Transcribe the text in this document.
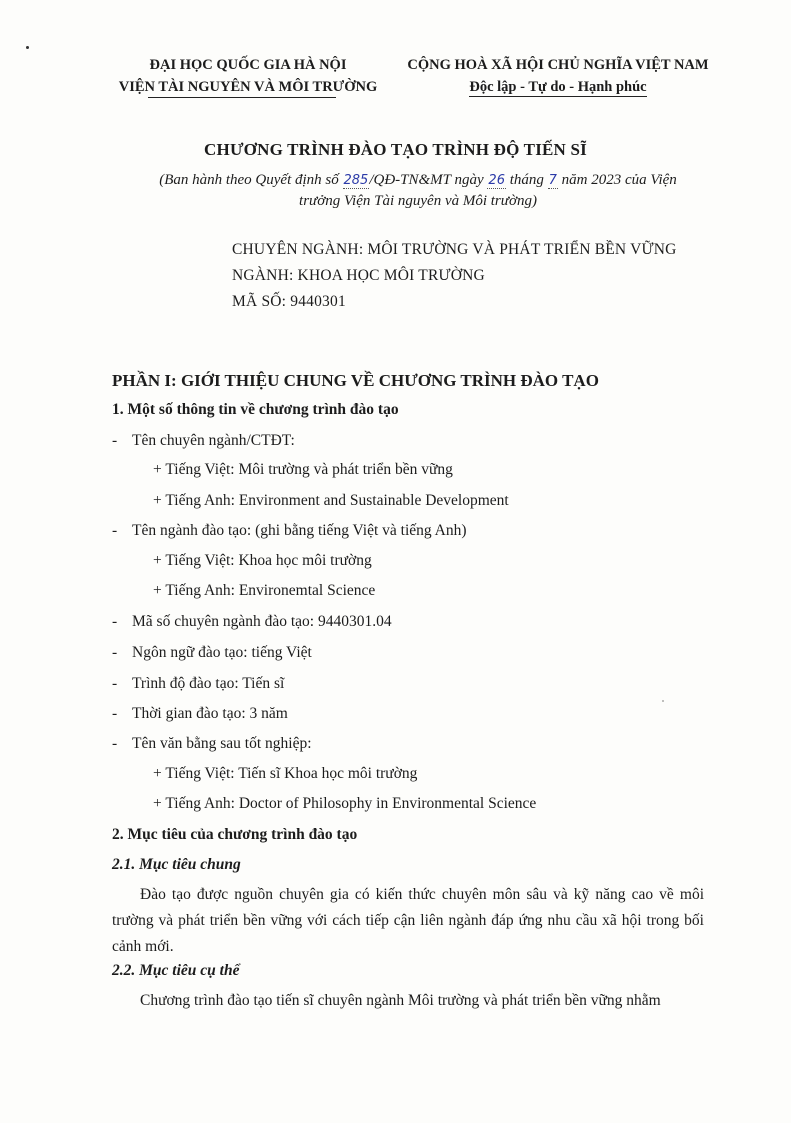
ĐẠI HỌC QUỐC GIA HÀ NỘI
VIỆN TÀI NGUYÊN VÀ MÔI TRƯỜNG
CỘNG HOÀ XÃ HỘI CHỦ NGHĨA VIỆT NAM
Độc lập - Tự do - Hạnh phúc
CHƯƠNG TRÌNH ĐÀO TẠO TRÌNH ĐỘ TIẾN SĨ
(Ban hành theo Quyết định số 285/QĐ-TN&MT ngày 26 tháng 7 năm 2023 của Viện
trưởng Viện Tài nguyên và Môi trường)
CHUYÊN NGÀNH: MÔI TRƯỜNG VÀ PHÁT TRIỂN BỀN VỮNG
NGÀNH: KHOA HỌC MÔI TRƯỜNG
MÃ SỐ: 9440301
PHẦN I: GIỚI THIỆU CHUNG VỀ CHƯƠNG TRÌNH ĐÀO TẠO
1. Một số thông tin về chương trình đào tạo
- Tên chuyên ngành/CTĐT:
+ Tiếng Việt: Môi trường và phát triển bền vững
+ Tiếng Anh: Environment and Sustainable Development
- Tên ngành đào tạo: (ghi bằng tiếng Việt và tiếng Anh)
+ Tiếng Việt: Khoa học môi trường
+ Tiếng Anh: Environemtal Science
- Mã số chuyên ngành đào tạo: 9440301.04
- Ngôn ngữ đào tạo: tiếng Việt
- Trình độ đào tạo: Tiến sĩ
- Thời gian đào tạo: 3 năm
- Tên văn bằng sau tốt nghiệp:
+ Tiếng Việt: Tiến sĩ Khoa học môi trường
+ Tiếng Anh: Doctor of Philosophy in Environmental Science
2. Mục tiêu của chương trình đào tạo
2.1. Mục tiêu chung
Đào tạo được nguồn chuyên gia có kiến thức chuyên môn sâu và kỹ năng cao về môi trường và phát triển bền vững với cách tiếp cận liên ngành đáp ứng nhu cầu xã hội trong bối cảnh mới.
2.2. Mục tiêu cụ thể
Chương trình đào tạo tiến sĩ chuyên ngành Môi trường và phát triển bền vững nhằm
